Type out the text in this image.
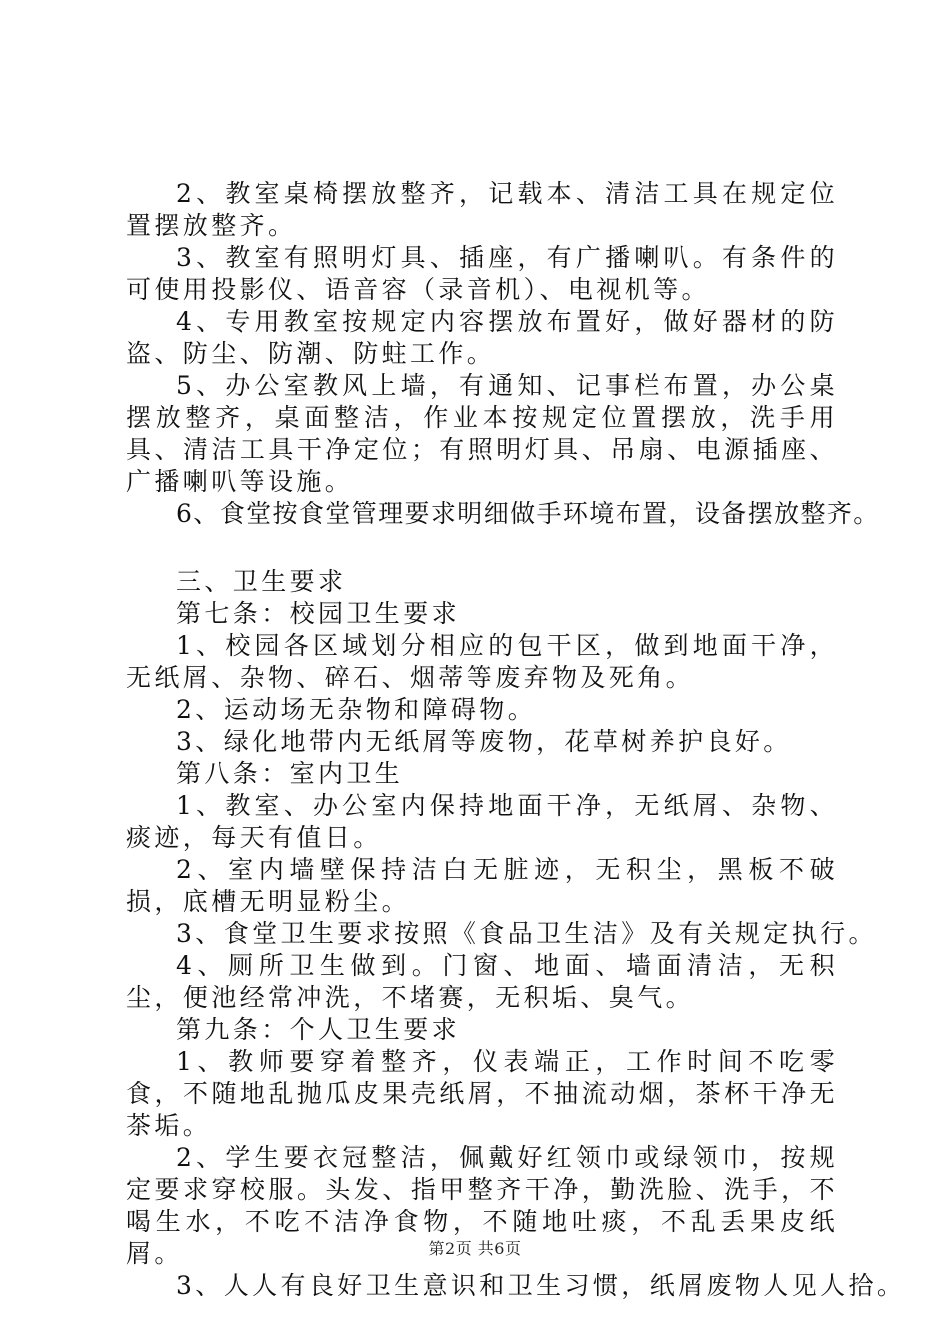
2、教室桌椅摆放整齐，记载本、清洁工具在规定位置摆放整齐。

3、教室有照明灯具、插座，有广播喇叭。有条件的可使用投影仪、语音容（录音机）、电视机等。

4、专用教室按规定内容摆放布置好，做好器材的防盗、防尘、防潮、防蛀工作。

5、办公室教风上墙，有通知、记事栏布置，办公桌摆放整齐，桌面整洁，作业本按规定位置摆放，洗手用具、清洁工具干净定位；有照明灯具、吊扇、电源插座、广播喇叭等设施。

6、食堂按食堂管理要求明细做手环境布置，设备摆放整齐。

三、卫生要求

第七条：校园卫生要求

1、校园各区域划分相应的包干区，做到地面干净，无纸屑、杂物、碎石、烟蒂等废弃物及死角。

2、运动场无杂物和障碍物。

3、绿化地带内无纸屑等废物，花草树养护良好。

第八条：室内卫生

1、教室、办公室内保持地面干净，无纸屑、杂物、痰迹，每天有值日。

2、室内墙壁保持洁白无脏迹，无积尘，黑板不破损，底槽无明显粉尘。

3、食堂卫生要求按照《食品卫生洁》及有关规定执行。

4、厕所卫生做到。门窗、地面、墙面清洁，无积尘，便池经常冲洗，不堵赛，无积垢、臭气。

第九条：个人卫生要求

1、教师要穿着整齐，仪表端正，工作时间不吃零食，不随地乱抛瓜皮果壳纸屑，不抽流动烟，茶杯干净无茶垢。

2、学生要衣冠整洁，佩戴好红领巾或绿领巾，按规定要求穿校服。头发、指甲整齐干净，勤洗脸、洗手，不喝生水，不吃不洁净食物，不随地吐痰，不乱丢果皮纸屑。

3、人人有良好卫生意识和卫生习惯，纸屑废物人见人拾。

第2页 共6页
